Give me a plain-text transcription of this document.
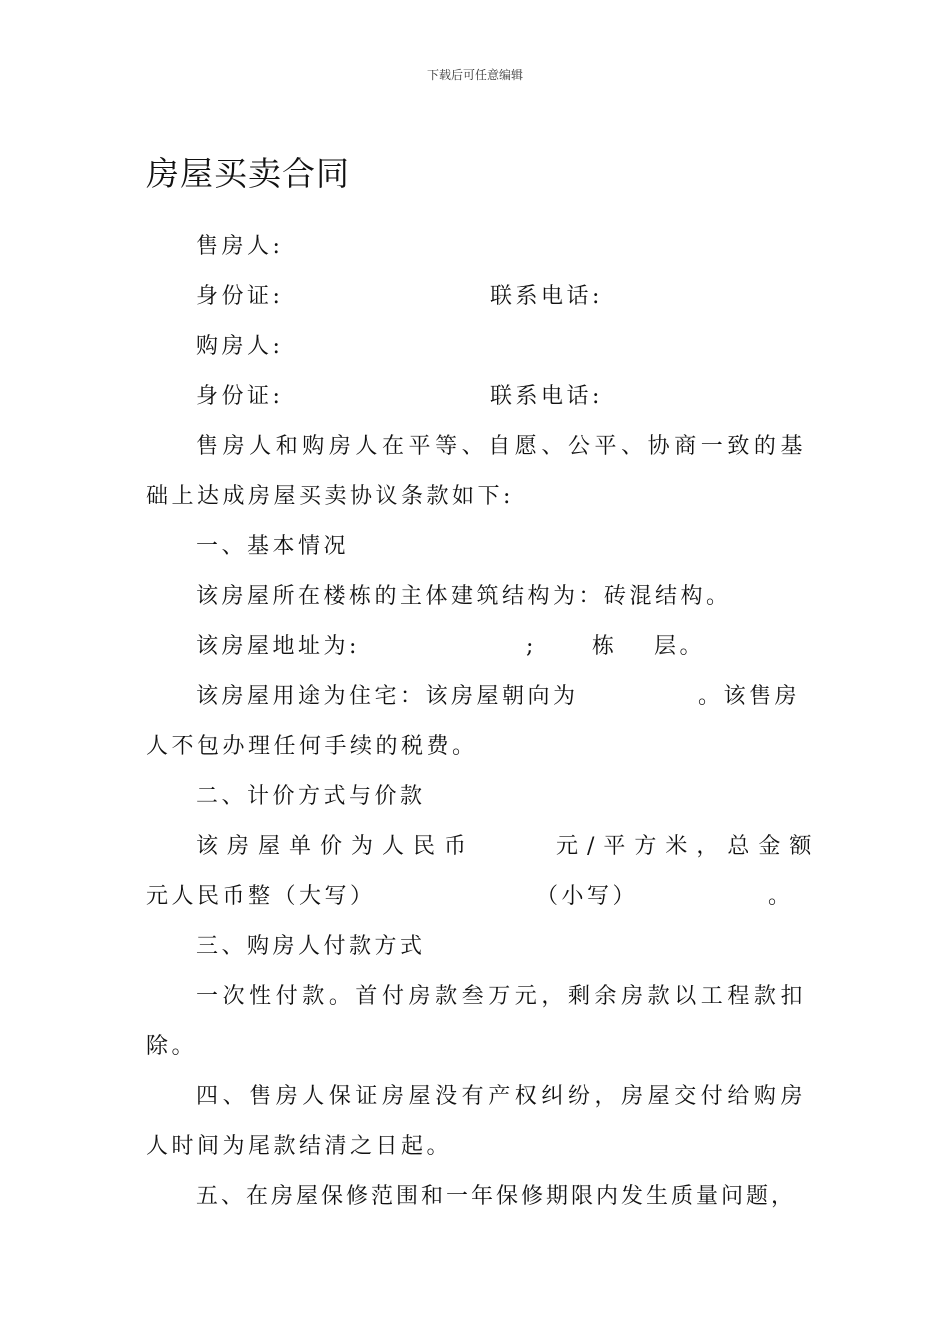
下载后可任意编辑
房屋买卖合同
售房人:
身份证:	联系电话:
购房人:
身份证:	联系电话:
售房人和购房人在平等、自愿、公平、协商一致的基
础上达成房屋买卖协议条款如下:
一、基本情况
该房屋所在楼栋的主体建筑结构为：砖混结构。
该房屋地址为:	;	栋 层。
该房屋用途为住宅：该房屋朝向为	。该售房
人不包办理任何手续的税费。
二、计价方式与价款
该房屋单价为人民币	元/平方米，总金额
元人民币整（大写）	（小写）	。
三、购房人付款方式
一次性付款。首付房款叁万元，剩余房款以工程款扣
除。
四、售房人保证房屋没有产权纠纷，房屋交付给购房
人时间为尾款结清之日起。
五、在房屋保修范围和一年保修期限内发生质量问题，
